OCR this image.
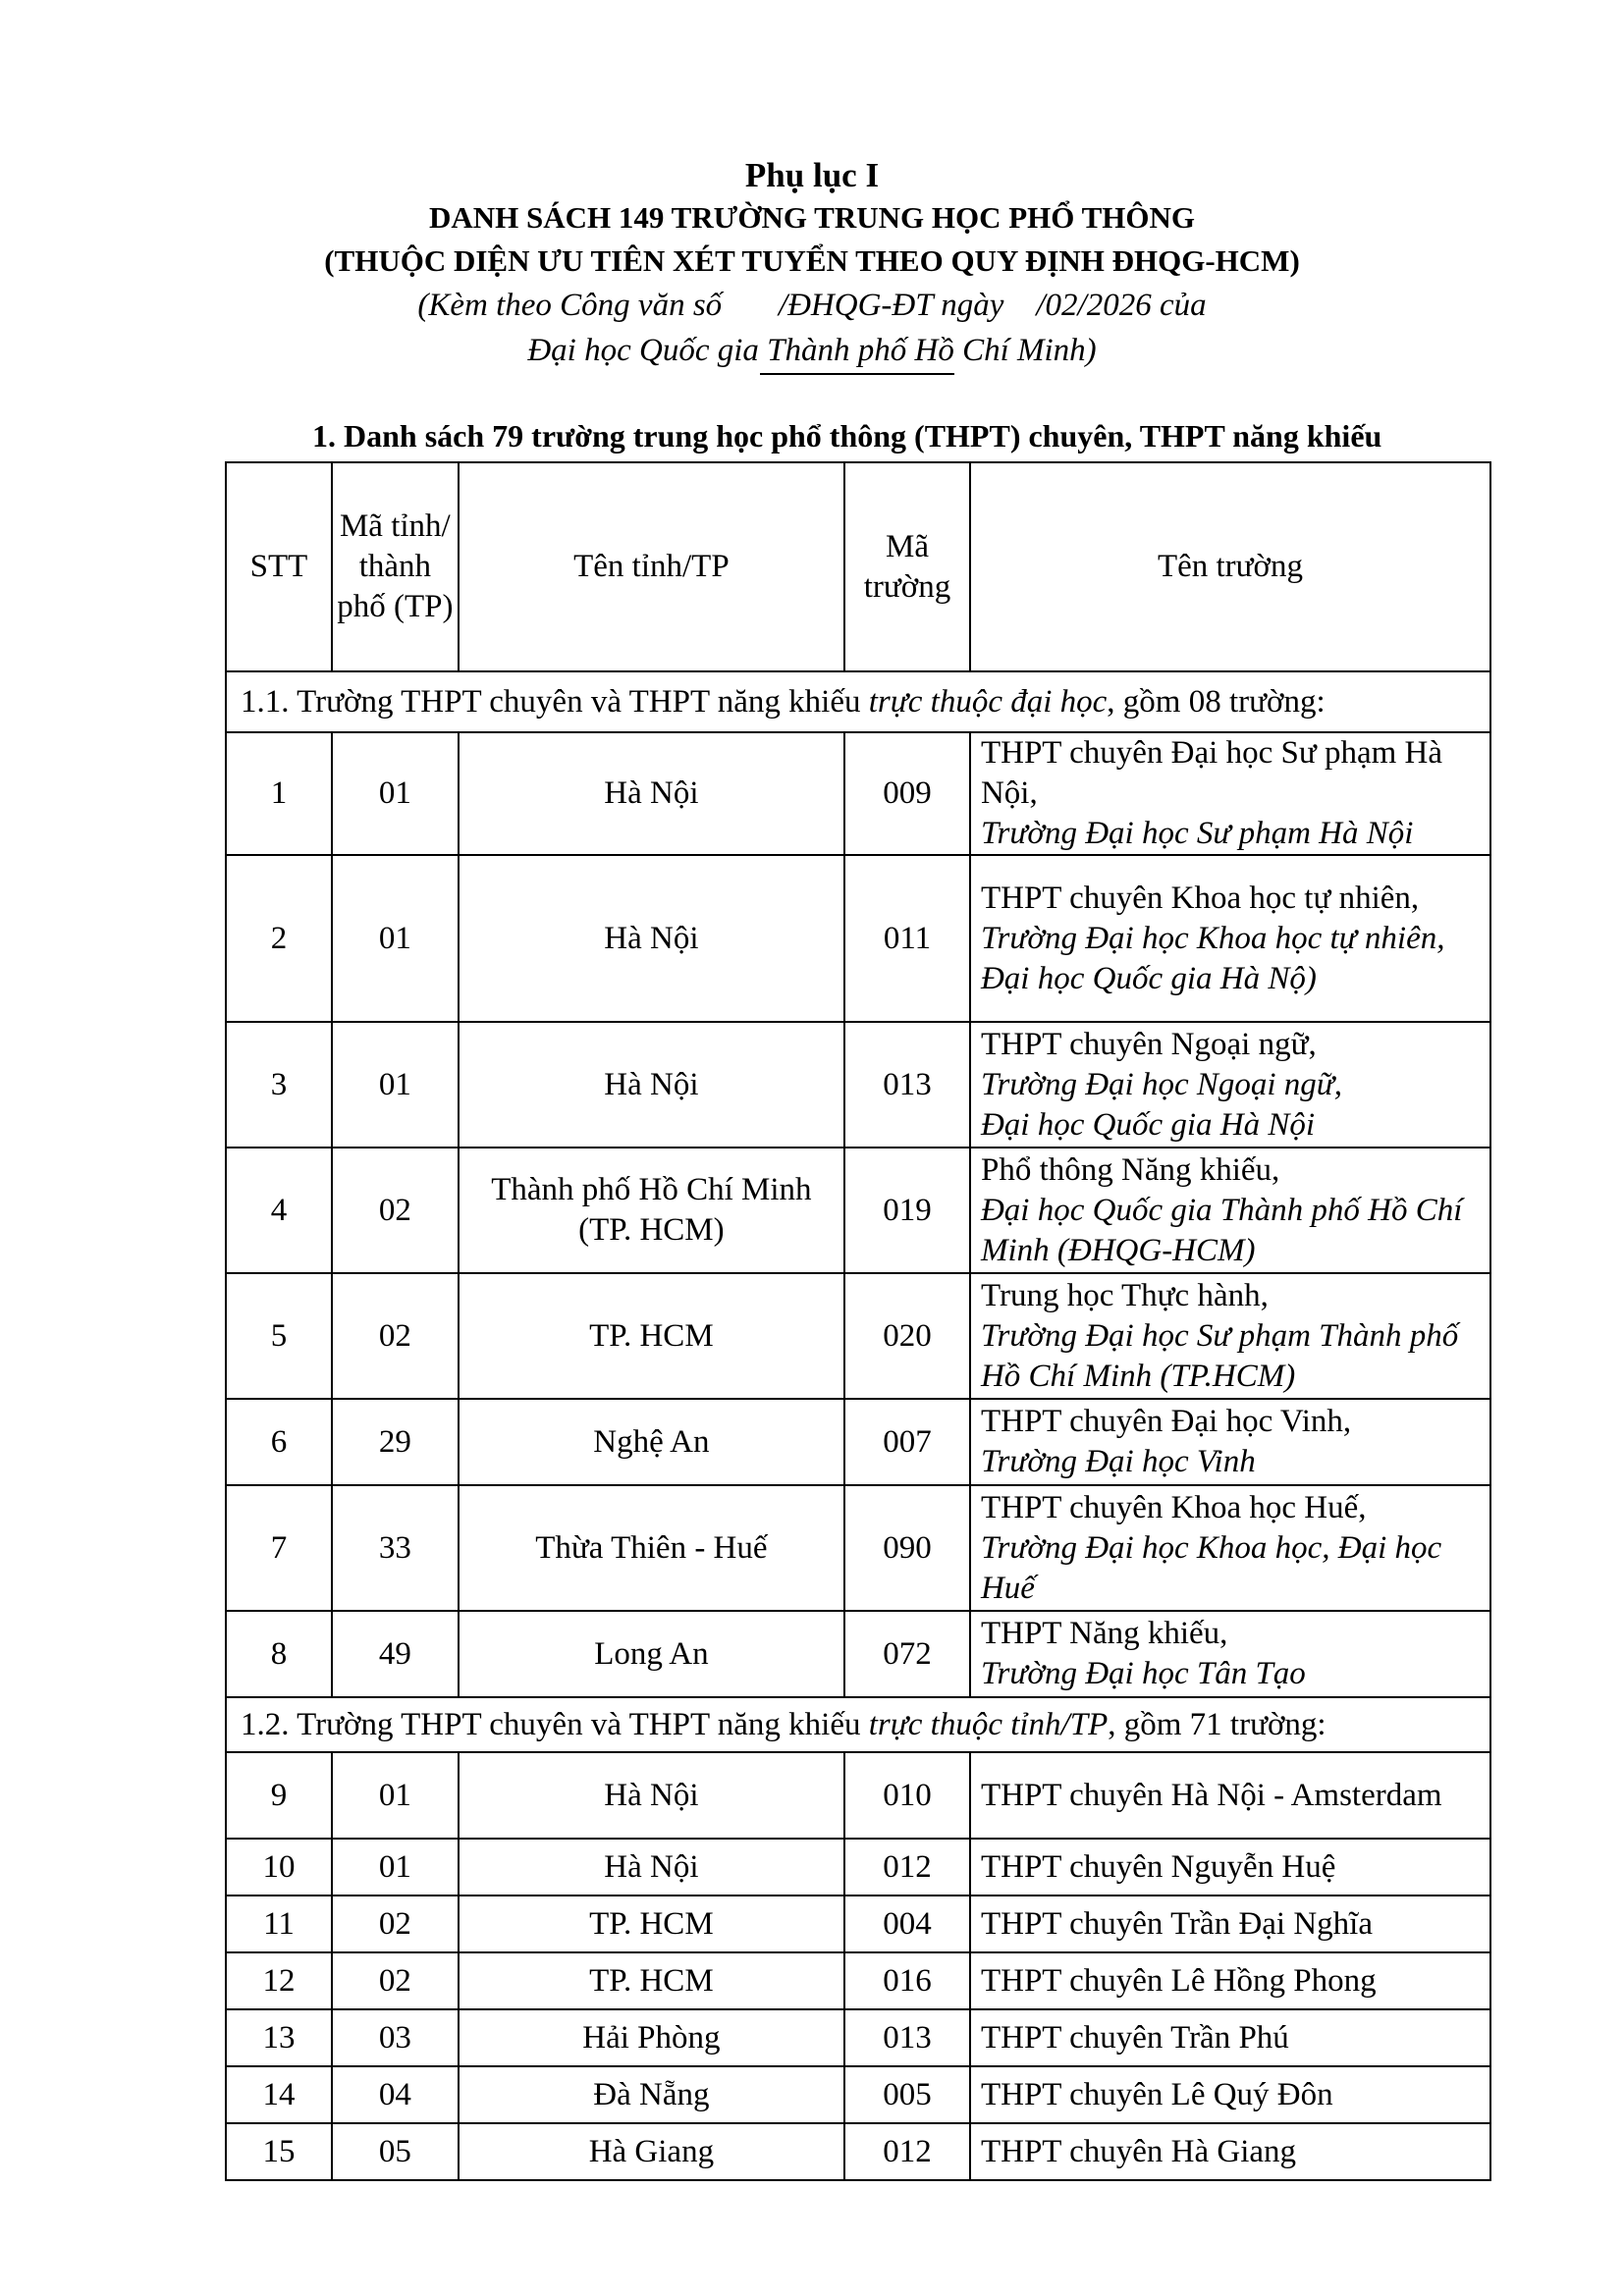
Phụ lục I
DANH SÁCH 149 TRƯỜNG TRUNG HỌC PHỔ THÔNG
(THUỘC DIỆN ƯU TIÊN XÉT TUYỂN THEO QUY ĐỊNH ĐHQG-HCM)
(Kèm theo Công văn số       /ĐHQG-ĐT ngày    /02/2026 của
Đại học Quốc gia Thành phố Hồ Chí Minh)
1. Danh sách 79 trường trung học phổ thông (THPT) chuyên, THPT năng khiếu
STT	Mã tỉnh/ thành phố (TP)	Tên tỉnh/TP	Mã trường	Tên trường
1.1. Trường THPT chuyên và THPT năng khiếu trực thuộc đại học, gồm 08 trường:				
1	01	Hà Nội	009	THPT chuyên Đại học Sư phạm Hà Nội,
Trường Đại học Sư phạm Hà Nội

2	01	Hà Nội	011	THPT chuyên Khoa học tự nhiên,
Trường Đại học Khoa học tự nhiên,
Đại học Quốc gia Hà Nộ)

3	01	Hà Nội	013	THPT chuyên Ngoại ngữ,
Trường Đại học Ngoại ngữ,
Đại học Quốc gia Hà Nội

4	02	Thành phố Hồ Chí Minh (TP. HCM)	019	Phổ thông Năng khiếu,
Đại học Quốc gia Thành phố Hồ Chí Minh (ĐHQG-HCM)

5	02	TP. HCM	020	Trung học Thực hành,
Trường Đại học Sư phạm Thành phố Hồ Chí Minh (TP.HCM)

6	29	Nghệ An	007	THPT chuyên Đại học Vinh,
Trường Đại học Vinh

7	33	Thừa Thiên - Huế	090	THPT chuyên Khoa học Huế,
Trường Đại học Khoa học, Đại học Huế

8	49	Long An	072	THPT Năng khiếu,
Trường Đại học Tân Tạo

1.2. Trường THPT chuyên và THPT năng khiếu trực thuộc tỉnh/TP, gồm 71 trường:				
9	01	Hà Nội	010	THPT chuyên Hà Nội - Amsterdam

10	01	Hà Nội	012	THPT chuyên Nguyễn Huệ

11	02	TP. HCM	004	THPT chuyên Trần Đại Nghĩa

12	02	TP. HCM	016	THPT chuyên Lê Hồng Phong

13	03	Hải Phòng	013	THPT chuyên Trần Phú

14	04	Đà Nẵng	005	THPT chuyên Lê Quý Đôn

15	05	Hà Giang	012	THPT chuyên Hà Giang
